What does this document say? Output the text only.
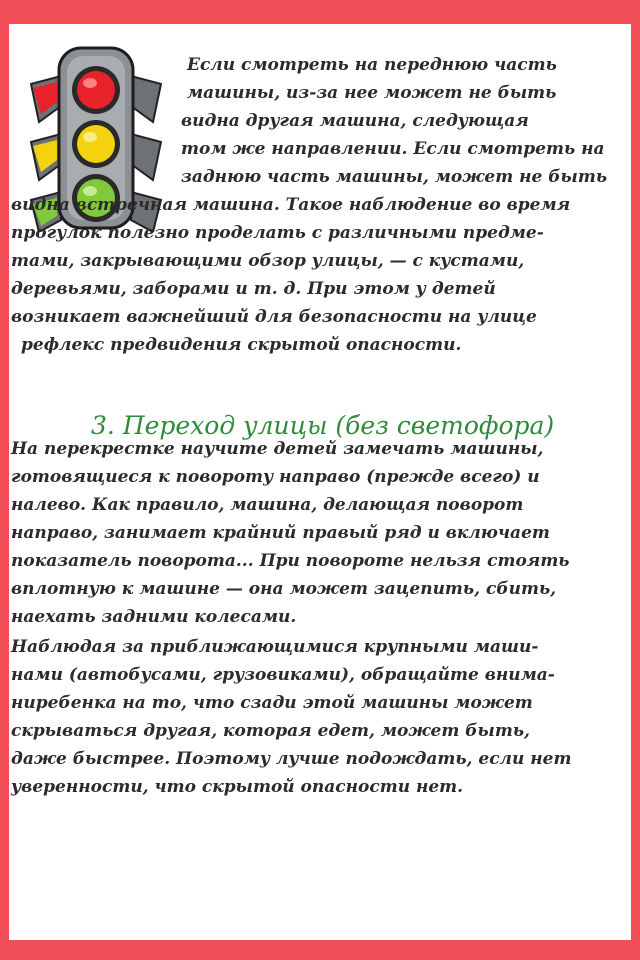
Если смотреть на переднюю часть
машины, из-за нее может не быть
видна другая машина, следующая
том же направлении. Если смотреть на
заднюю часть машины, может не быть
видна встречная машина. Такое наблюдение во время
прогулок полезно проделать с различными предме-
тами, закрывающими обзор улицы, — с кустами,
деревьями, заборами и т. д. При этом у детей
возникает важнейший для безопасности на улице
рефлекс предвидения скрытой опасности.
3. Переход улицы (без светофора)
На перекрестке научите детей замечать машины,
готовящиеся к повороту направо (прежде всего) и
налево. Как правило, машина, делающая поворот
направо, занимает крайний правый ряд и включает
показатель поворота... При повороте нельзя стоять
вплотную к машине — она может зацепить, сбить,
наехать задними колесами.
Наблюдая за приближающимися крупными маши-
нами (автобусами, грузовиками), обращайте внима-
ниребенка на то, что сзади этой машины может
скрываться другая, которая едет, может быть,
даже быстрее. Поэтому лучше подождать, если нет
уверенности, что скрытой опасности нет.
